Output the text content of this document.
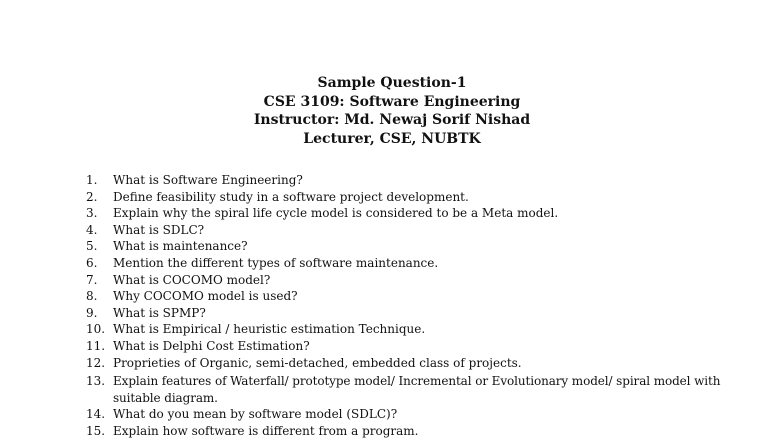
Sample Question-1
CSE 3109: Software Engineering
Instructor: Md. Newaj Sorif Nishad
Lecturer, CSE, NUBTK
1.	What is Software Engineering?
2.	Define feasibility study in a software project development.
3.	Explain why the spiral life cycle model is considered to be a Meta model.
4.	What is SDLC?
5.	What is maintenance?
6.	Mention the different types of software maintenance.
7.	What is COCOMO model?
8.	Why COCOMO model is used?
9.	What is SPMP?
10. What is Empirical / heuristic estimation Technique.
11. What is Delphi Cost Estimation?
12. Proprieties of Organic, semi-detached, embedded class of projects.
13. Explain features of Waterfall/ prototype model/ Incremental or Evolutionary model/ spiral model with suitable diagram.
14. What do you mean by software model (SDLC)?
15. Explain how software is different from a program.
